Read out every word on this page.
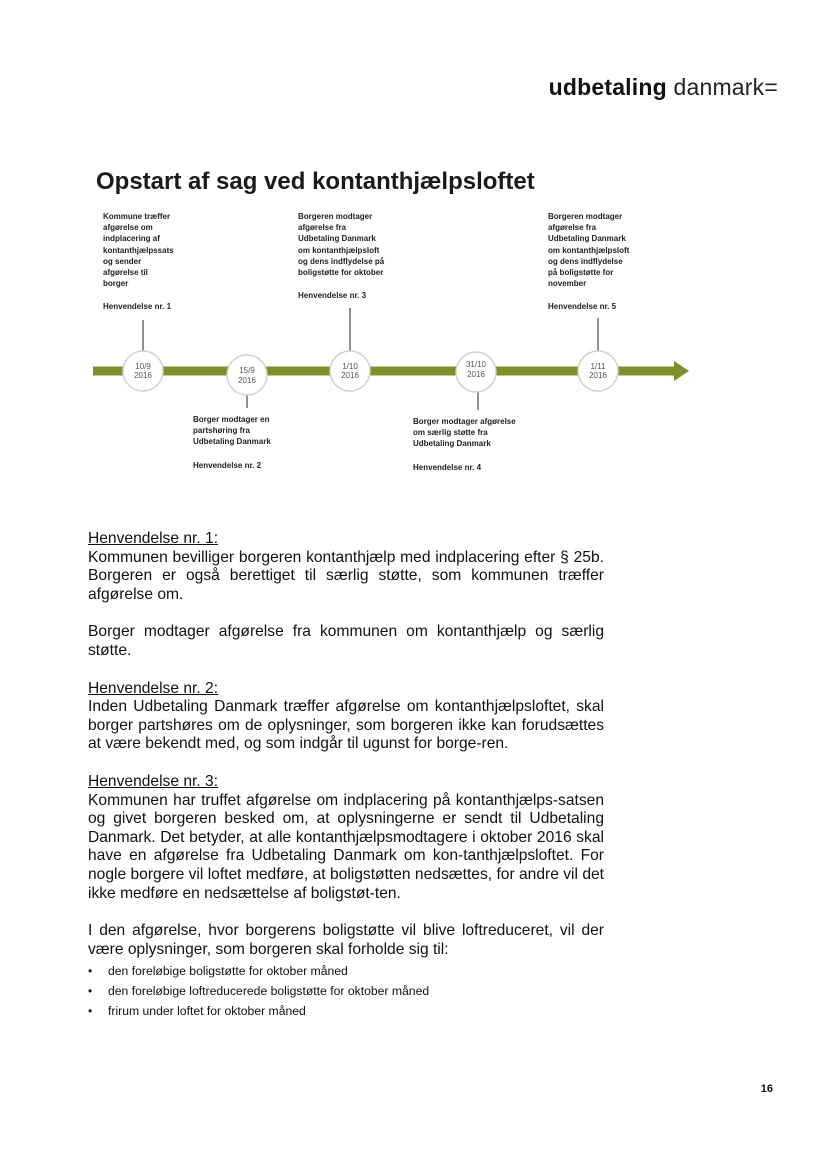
udbetaling danmark=
Opstart af sag ved kontanthjælpsloftet
10/9
2016
15/9
2016
1/10
2016
31/10
2016
1/11
2016
Kommune træffer
afgørelse om
indplacering af
kontanthjælpssats
og sender
afgørelse til
borger
Henvendelse nr. 1
Borger modtager en
partshøring fra
Udbetaling Danmark
Henvendelse nr. 2
Borgeren modtager
afgørelse fra
Udbetaling Danmark
om kontanthjælpsloft
og dens indflydelse på
boligstøtte for oktober
Henvendelse nr. 3
Borger modtager afgørelse
om særlig støtte fra
Udbetaling Danmark
Henvendelse nr. 4
Borgeren modtager
afgørelse fra
Udbetaling Danmark
om kontanthjælpsloft
og dens indflydelse
på boligstøtte for
november
Henvendelse nr. 5

Henvendelse nr. 1:

Kommunen bevilliger borgeren kontanthjælp med indplacering efter § 25b. Borgeren er også berettiget til særlig støtte, som kommunen træffer afgørelse om.

Borger modtager afgørelse fra kommunen om kontanthjælp og særlig støtte.

Henvendelse nr. 2:

Inden Udbetaling Danmark træffer afgørelse om kontanthjælpsloftet, skal borger partshøres om de oplysninger, som borgeren ikke kan forudsættes at være bekendt med, og som indgår til ugunst for borge-ren.

Henvendelse nr. 3:

Kommunen har truffet afgørelse om indplacering på kontanthjælps-satsen og givet borgeren besked om, at oplysningerne er sendt til Udbetaling Danmark. Det betyder, at alle kontanthjælpsmodtagere i oktober 2016 skal have en afgørelse fra Udbetaling Danmark om kon-tanthjælpsloftet. For nogle borgere vil loftet medføre, at boligstøtten nedsættes, for andre vil det ikke medføre en nedsættelse af boligstøt-ten.

I den afgørelse, hvor borgerens boligstøtte vil blive loftreduceret, vil der være oplysninger, som borgeren skal forholde sig til:

• den foreløbige boligstøtte for oktober måned
• den foreløbige loftreducerede boligstøtte for oktober måned
• frirum under loftet for oktober måned
16
